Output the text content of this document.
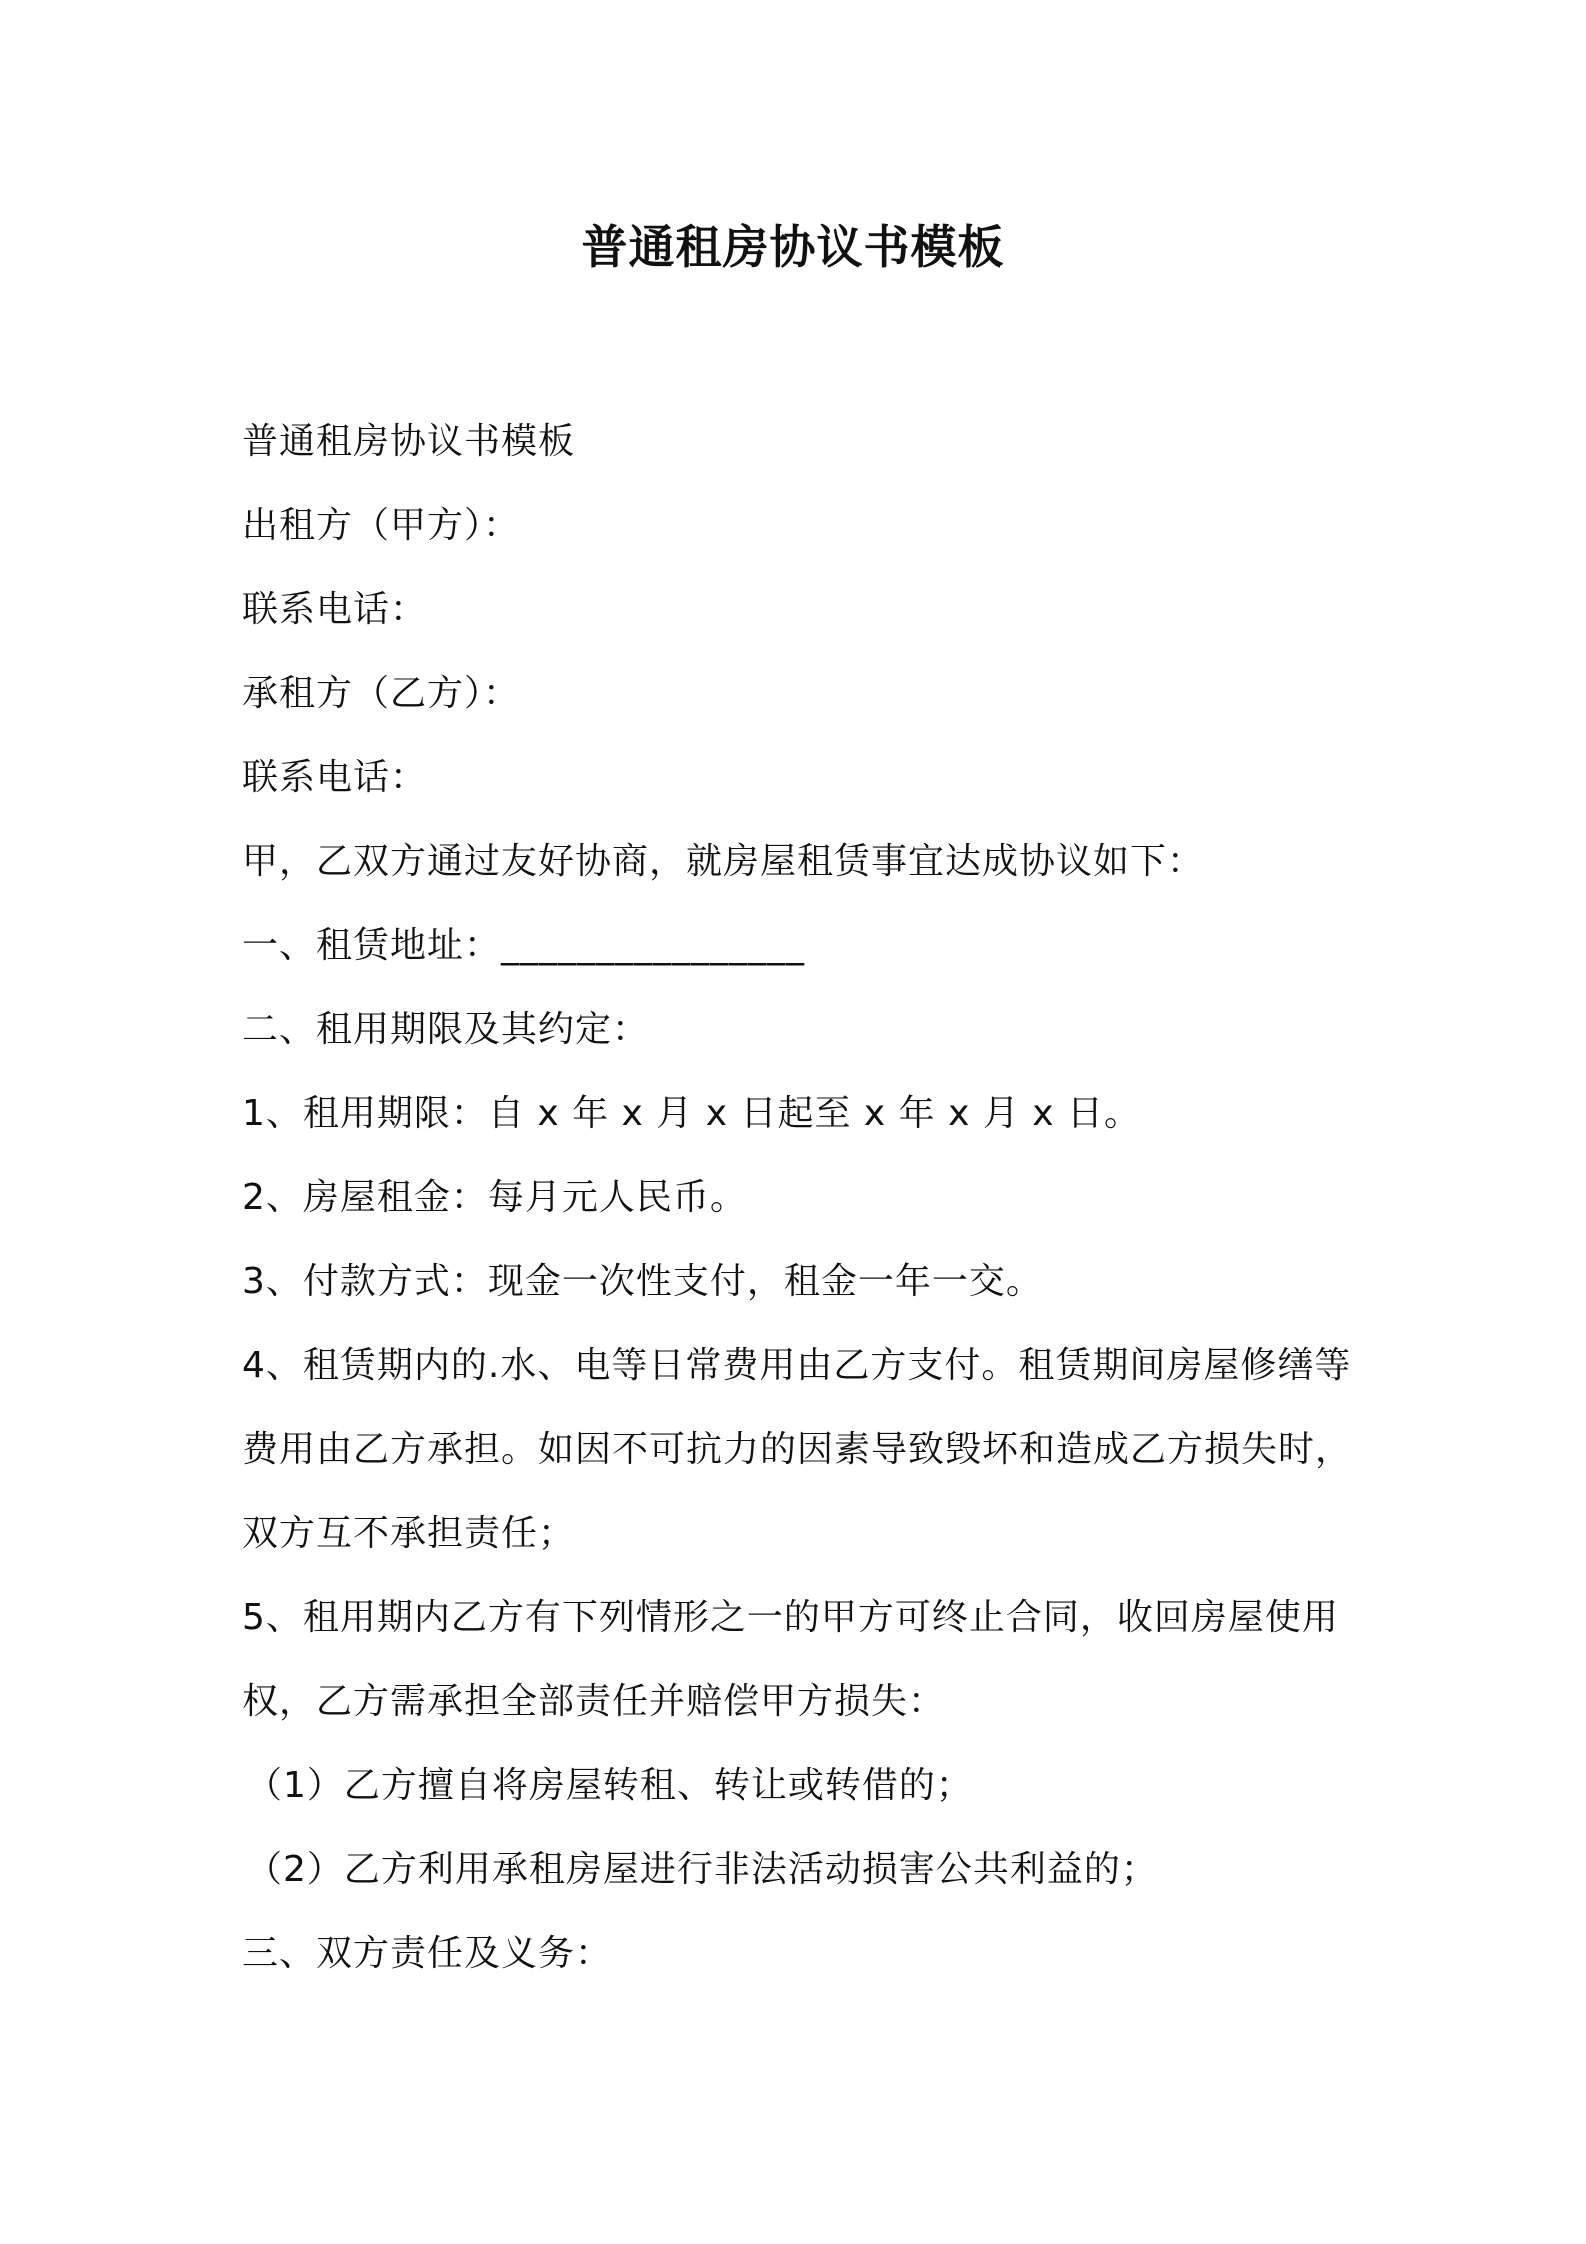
普通租房协议书模板
普通租房协议书模板
出租方（甲方）：
联系电话：
承租方（乙方）：
联系电话：
甲，乙双方通过友好协商，就房屋租赁事宜达成协议如下：
一、租赁地址：________________
二、租用期限及其约定：
1、租用期限：自 x 年 x 月 x 日起至 x 年 x 月 x 日。
2、房屋租金：每月元人民币。
3、付款方式：现金一次性支付，租金一年一交。
4、租赁期内的.水、电等日常费用由乙方支付。租赁期间房屋修缮等
费用由乙方承担。如因不可抗力的因素导致毁坏和造成乙方损失时，
双方互不承担责任；
5、租用期内乙方有下列情形之一的甲方可终止合同，收回房屋使用
权，乙方需承担全部责任并赔偿甲方损失：
（1）乙方擅自将房屋转租、转让或转借的；
（2）乙方利用承租房屋进行非法活动损害公共利益的；
三、双方责任及义务：
